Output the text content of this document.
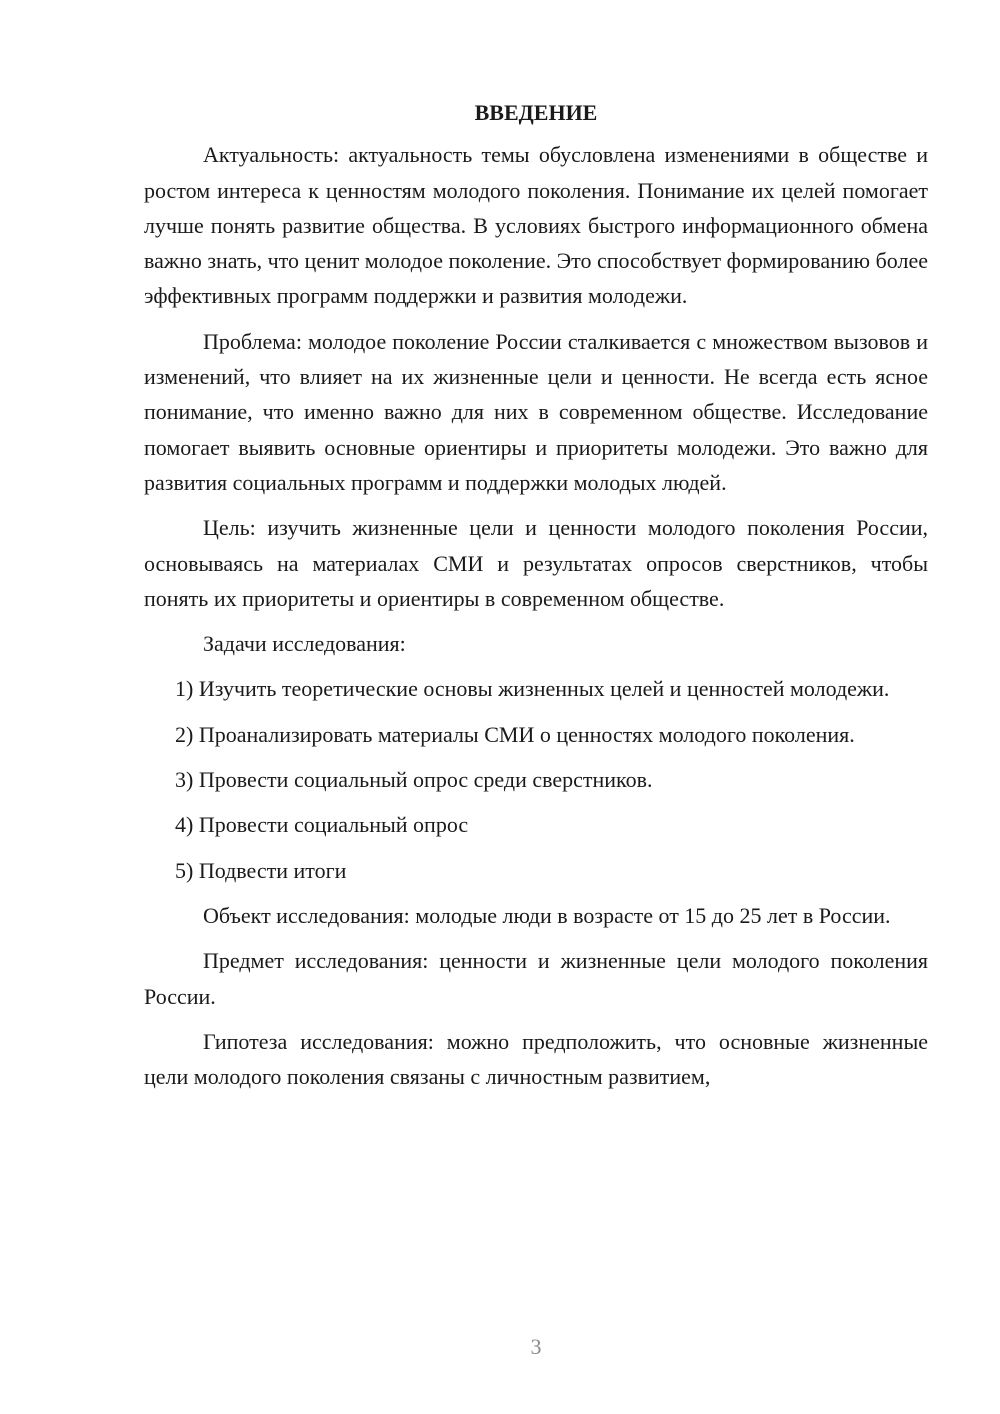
ВВЕДЕНИЕ

Актуальность: актуальность темы обусловлена изменениями в обществе и ростом интереса к ценностям молодого поколения. Понимание их целей помогает лучше понять развитие общества. В условиях быстрого информационного обмена важно знать, что ценит молодое поколение. Это способствует формированию более эффективных программ поддержки и развития молодежи.

Проблема: молодое поколение России сталкивается с множеством вызовов и изменений, что влияет на их жизненные цели и ценности. Не всегда есть ясное понимание, что именно важно для них в современном обществе. Исследование помогает выявить основные ориентиры и приоритеты молодежи. Это важно для развития социальных программ и поддержки молодых людей.

Цель: изучить жизненные цели и ценности молодого поколения России, основываясь на материалах СМИ и результатах опросов сверстников, чтобы понять их приоритеты и ориентиры в современном обществе.

Задачи исследования:

1) Изучить теоретические основы жизненных целей и ценностей молодежи.

2) Проанализировать материалы СМИ о ценностях молодого поколения.

3) Провести социальный опрос среди сверстников.

4) Провести социальный опрос

5) Подвести итоги

Объект исследования: молодые люди в возрасте от 15 до 25 лет в России.

Предмет исследования: ценности и жизненные цели молодого поколения России.

Гипотеза исследования: можно предположить, что основные жизненные цели молодого поколения связаны с личностным развитием,

3
